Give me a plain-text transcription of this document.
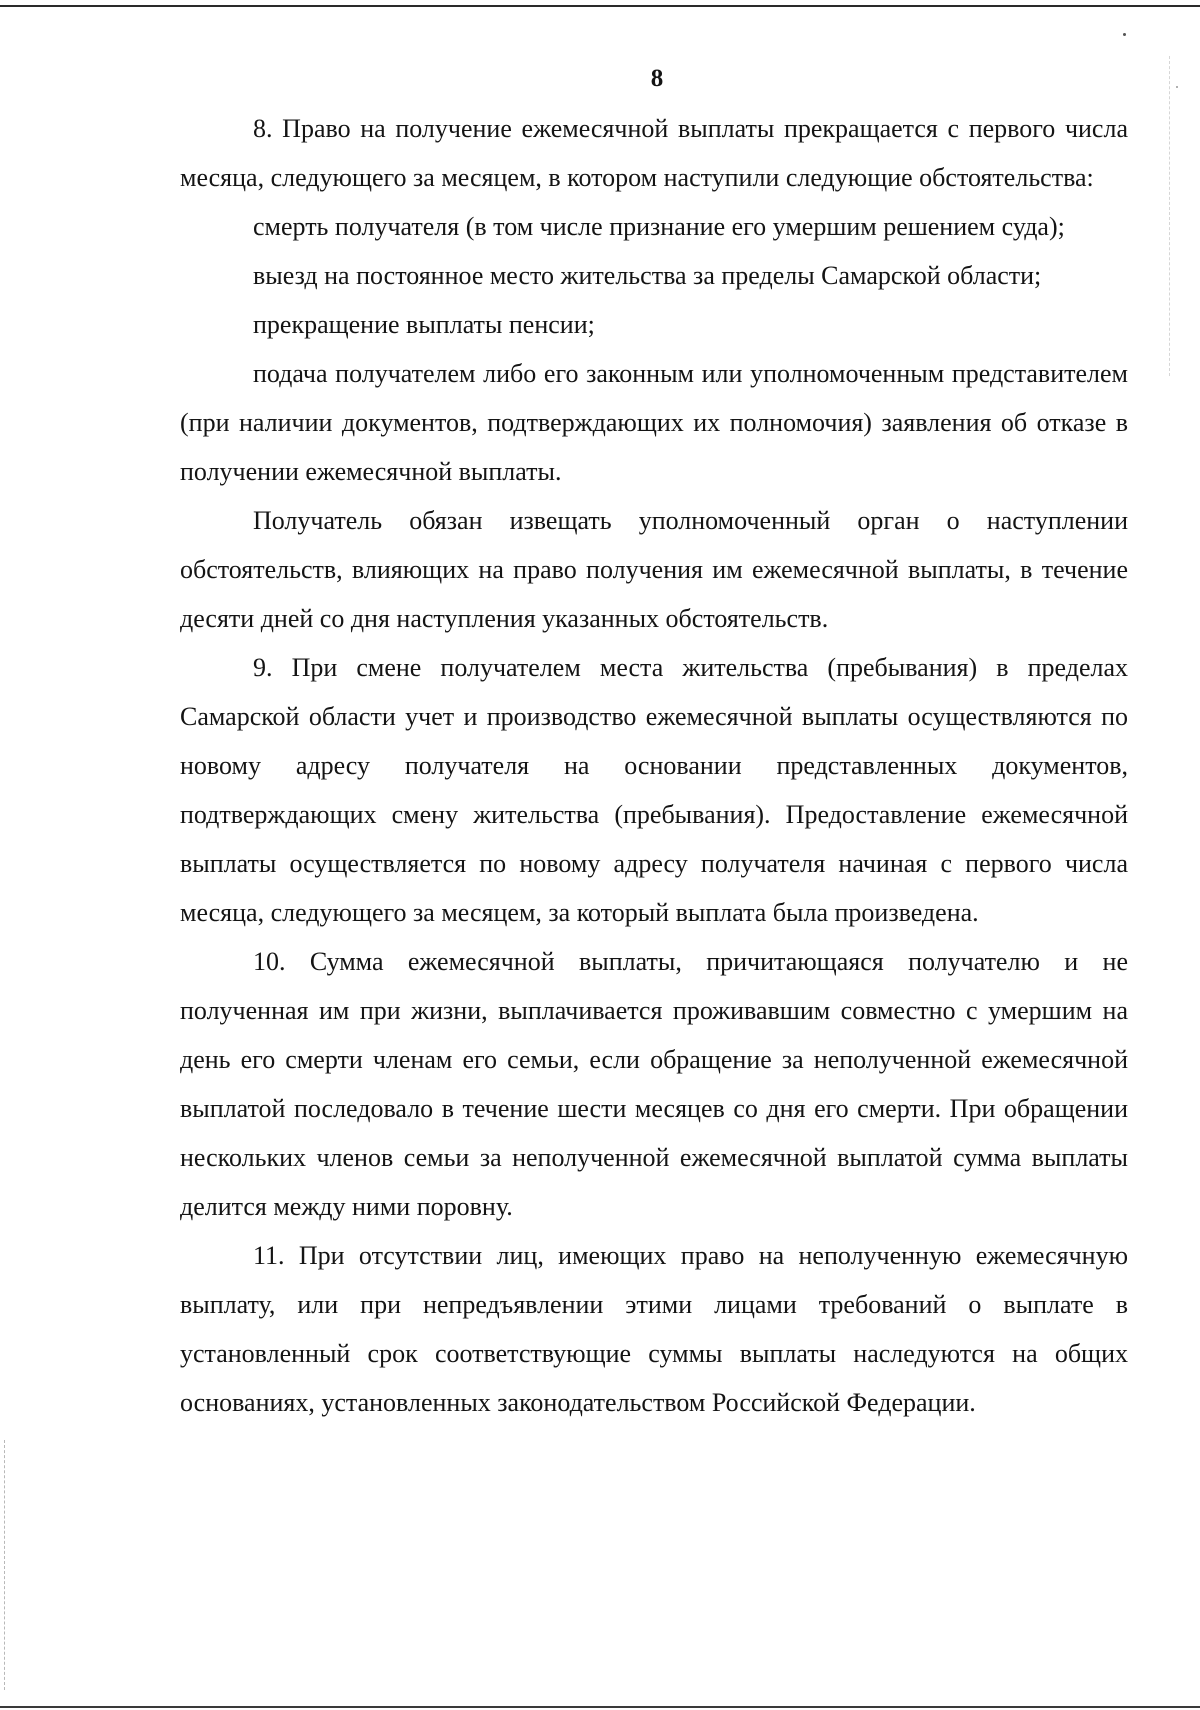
8

8. Право на получение ежемесячной выплаты прекращается с первого числа месяца, следующего за месяцем, в котором наступили следующие обстоятельства:

смерть получателя (в том числе признание его умершим решением суда);

выезд на постоянное место жительства за пределы Самарской области;

прекращение выплаты пенсии;

подача получателем либо его законным или уполномоченным представителем (при наличии документов, подтверждающих их полномочия) заявления об отказе в получении ежемесячной выплаты.

Получатель обязан извещать уполномоченный орган о наступлении обстоятельств, влияющих на право получения им ежемесячной выплаты, в течение десяти дней со дня наступления указанных обстоятельств.

9. При смене получателем места жительства (пребывания) в пределах Самарской области учет и производство ежемесячной выплаты осуществляются по новому адресу получателя на основании представленных документов, подтверждающих смену жительства (пребывания). Предоставление ежемесячной выплаты осуществляется по новому адресу получателя начиная с первого числа месяца, следующего за месяцем, за который выплата была произведена.

10. Сумма ежемесячной выплаты, причитающаяся получателю и не полученная им при жизни, выплачивается проживавшим совместно с умершим на день его смерти членам его семьи, если обращение за неполученной ежемесячной выплатой последовало в течение шести месяцев со дня его смерти. При обращении нескольких членов семьи за неполученной ежемесячной выплатой сумма выплаты делится между ними поровну.

11. При отсутствии лиц, имеющих право на неполученную ежемесячную выплату, или при непредъявлении этими лицами требований о выплате в установленный срок соответствующие суммы выплаты наследуются на общих основаниях, установленных законодательством Российской Федерации.
